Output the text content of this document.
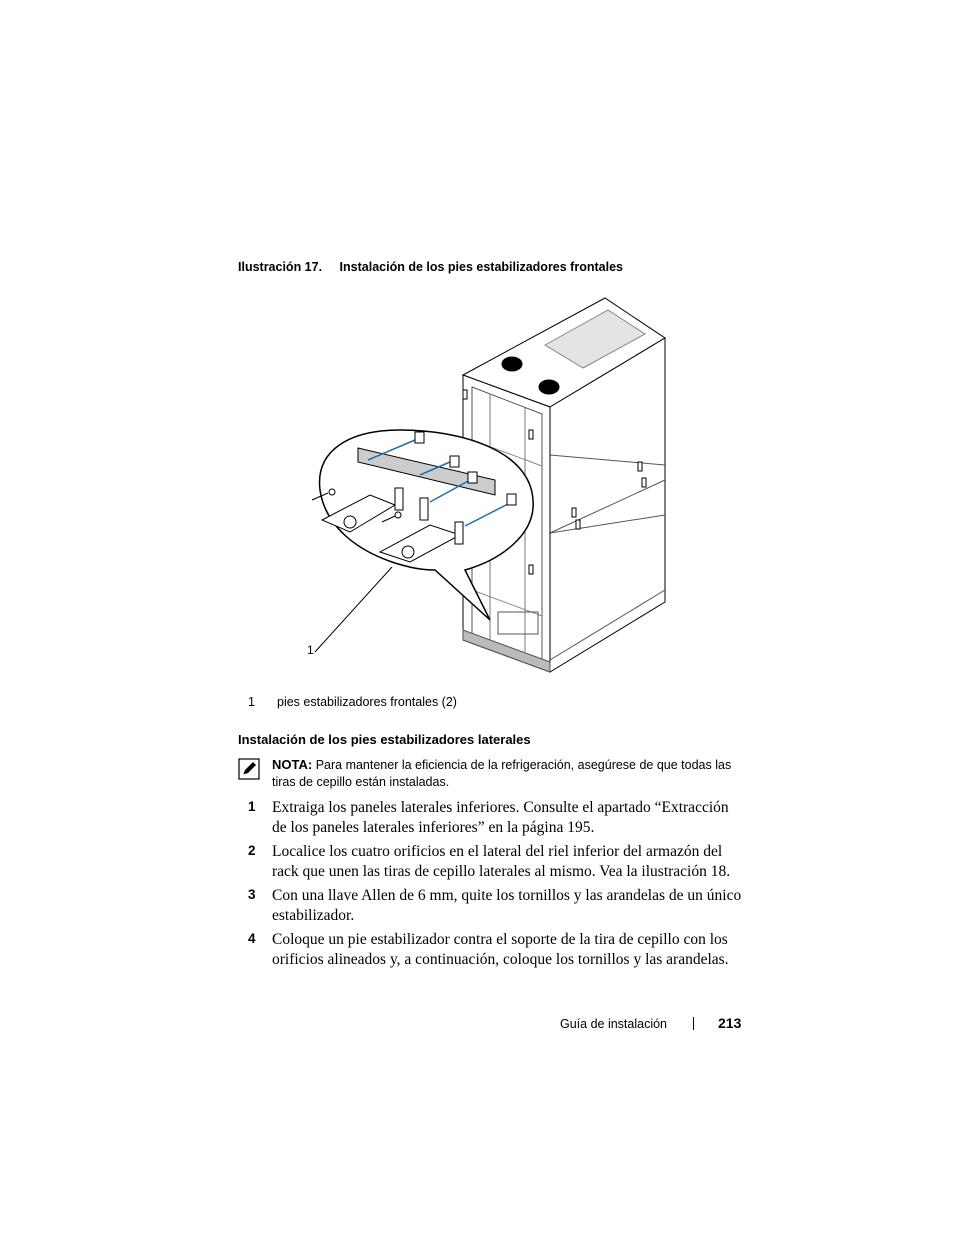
Ilustración 17. Instalación de los pies estabilizadores frontales
1
1 pies estabilizadores frontales (2)
Instalación de los pies estabilizadores laterales
NOTA: Para mantener la eficiencia de la refrigeración, asegúrese de que todas las tiras de cepillo están instaladas.
1 Extraiga los paneles laterales inferiores. Consulte el apartado “Extracción de los paneles laterales inferiores” en la página 195.
2 Localice los cuatro orificios en el lateral del riel inferior del armazón del rack que unen las tiras de cepillo laterales al mismo. Vea la ilustración 18.
3 Con una llave Allen de 6 mm, quite los tornillos y las arandelas de un único estabilizador.
4 Coloque un pie estabilizador contra el soporte de la tira de cepillo con los orificios alineados y, a continuación, coloque los tornillos y las arandelas.
Guía de instalación	213
